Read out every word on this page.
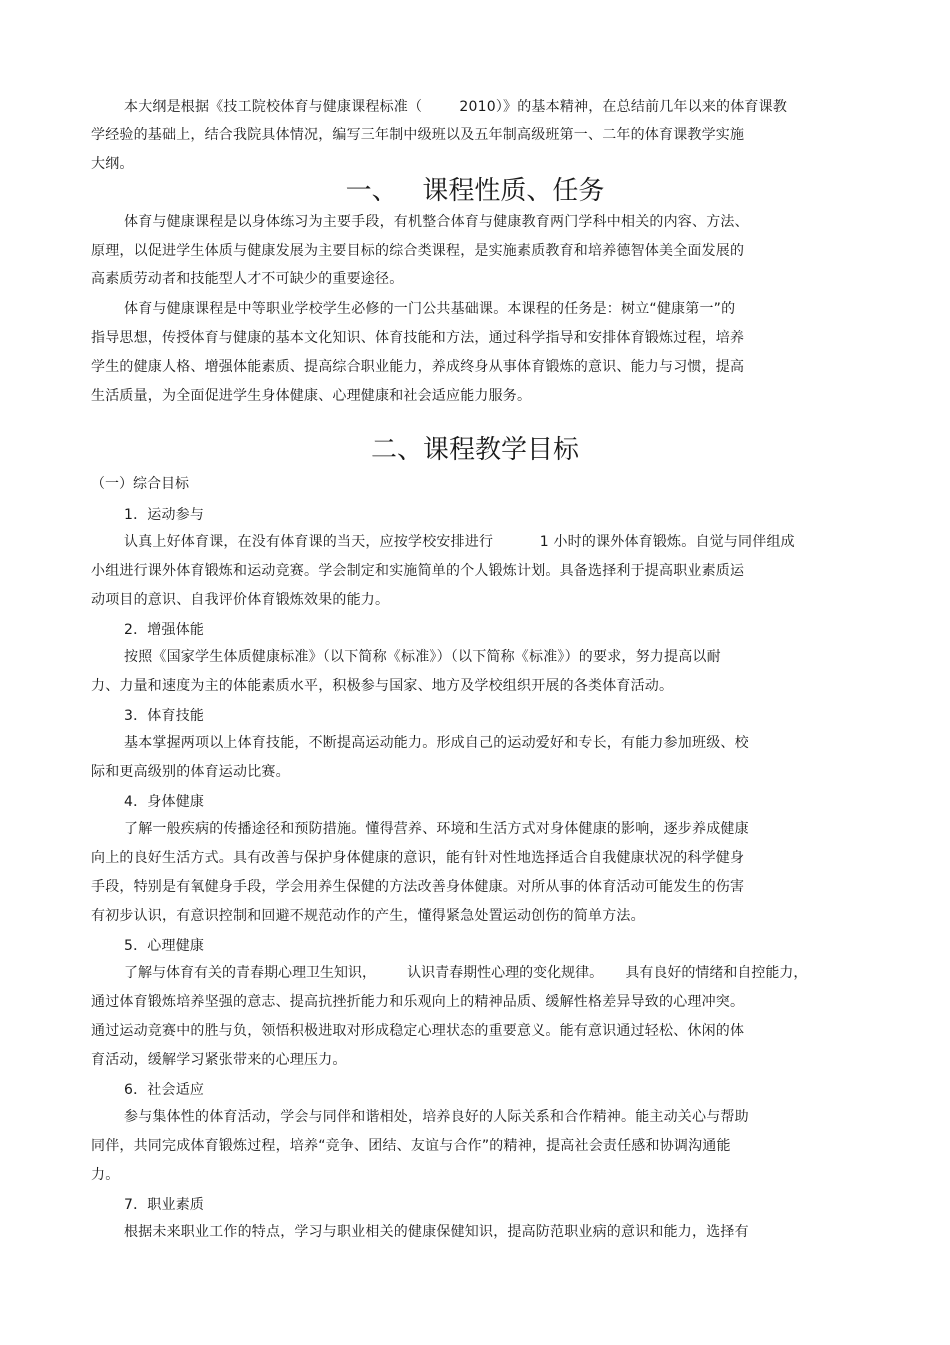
本大纲是根据《技工院校体育与健康课程标准（        2010）》的基本精神，在总结前几年以来的体育课教
学经验的基础上，结合我院具体情况，编写三年制中级班以及五年制高级班第一、二年的体育课教学实施
大纲。
一、   课程性质、任务
体育与健康课程是以身体练习为主要手段，有机整合体育与健康教育两门学科中相关的内容、方法、
原理，以促进学生体质与健康发展为主要目标的综合类课程，是实施素质教育和培养德智体美全面发展的
高素质劳动者和技能型人才不可缺少的重要途径。
体育与健康课程是中等职业学校学生必修的一门公共基础课。本课程的任务是：树立“健康第一”的
指导思想，传授体育与健康的基本文化知识、体育技能和方法，通过科学指导和安排体育锻炼过程，培养
学生的健康人格、增强体能素质、提高综合职业能力，养成终身从事体育锻炼的意识、能力与习惯，提高
生活质量，为全面促进学生身体健康、心理健康和社会适应能力服务。
二、课程教学目标
（一）综合目标
1．运动参与
认真上好体育课，在没有体育课的当天，应按学校安排进行          1 小时的课外体育锻炼。自觉与同伴组成
小组进行课外体育锻炼和运动竞赛。学会制定和实施简单的个人锻炼计划。具备选择利于提高职业素质运
动项目的意识、自我评价体育锻炼效果的能力。
2．增强体能
按照《国家学生体质健康标准》（以下简称《标准》）（以下简称《标准》）的要求，努力提高以耐
力、力量和速度为主的体能素质水平，积极参与国家、地方及学校组织开展的各类体育活动。
3．体育技能
基本掌握两项以上体育技能，不断提高运动能力。形成自己的运动爱好和专长，有能力参加班级、校
际和更高级别的体育运动比赛。
4．身体健康
了解一般疾病的传播途径和预防措施。懂得营养、环境和生活方式对身体健康的影响，逐步养成健康
向上的良好生活方式。具有改善与保护身体健康的意识，能有针对性地选择适合自我健康状况的科学健身
手段，特别是有氧健身手段，学会用养生保健的方法改善身体健康。对所从事的体育活动可能发生的伤害
有初步认识，有意识控制和回避不规范动作的产生，懂得紧急处置运动创伤的简单方法。
5．心理健康
了解与体育有关的青春期心理卫生知识，       认识青春期性心理的变化规律。     具有良好的情绪和自控能力，
通过体育锻炼培养坚强的意志、提高抗挫折能力和乐观向上的精神品质、缓解性格差异导致的心理冲突。
通过运动竞赛中的胜与负，领悟积极进取对形成稳定心理状态的重要意义。能有意识通过轻松、休闲的体
育活动，缓解学习紧张带来的心理压力。
6．社会适应
参与集体性的体育活动，学会与同伴和谐相处，培养良好的人际关系和合作精神。能主动关心与帮助
同伴，共同完成体育锻炼过程，培养“竞争、团结、友谊与合作”的精神，提高社会责任感和协调沟通能
力。
7．职业素质
根据未来职业工作的特点，学习与职业相关的健康保健知识，提高防范职业病的意识和能力，选择有
